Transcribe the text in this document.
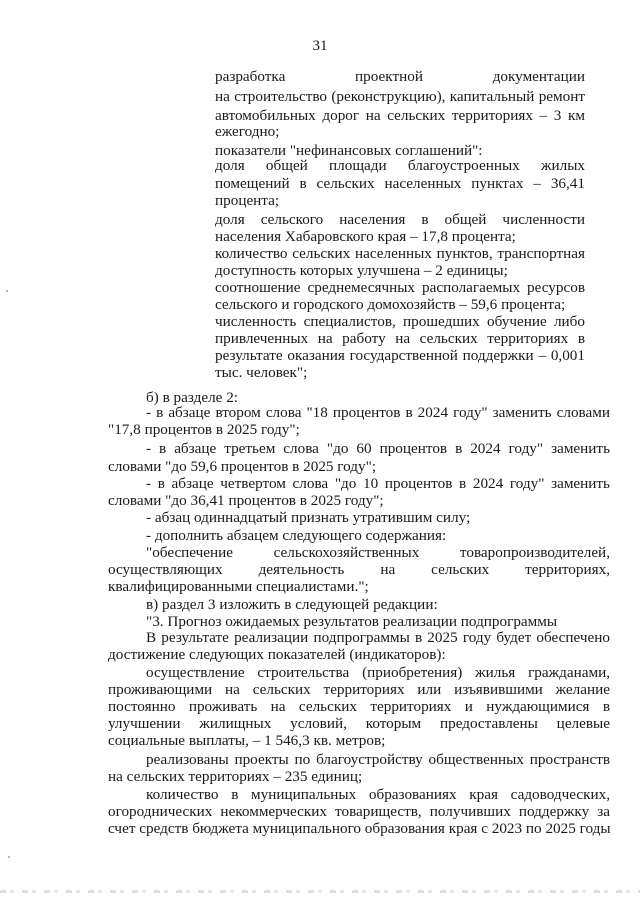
31
разработка проектной документации
на строительство (реконструкцию), капитальный ремонт
автомобильных дорог на сельских территориях – 3 км
ежегодно;
показатели "нефинансовых соглашений":
доля общей площади благоустроенных жилых
помещений в сельских населенных пунктах – 36,41
процента;
доля сельского населения в общей численности
населения Хабаровского края – 17,8 процента;
количество сельских населенных пунктов, транспортная
доступность которых улучшена – 2 единицы;
соотношение среднемесячных располагаемых ресурсов
сельского и городского домохозяйств – 59,6 процента;
численность специалистов, прошедших обучение либо
привлеченных на работу на сельских территориях в
результате оказания государственной поддержки – 0,001
тыс. человек";
б) в разделе 2:
- в абзаце втором слова "18 процентов в 2024 году" заменить словами
"17,8 процентов в 2025 году";
- в абзаце третьем слова "до 60 процентов в 2024 году" заменить
словами "до 59,6 процентов в 2025 году";
- в абзаце четвертом слова "до 10 процентов в 2024 году" заменить
словами "до 36,41 процентов в 2025 году";
- абзац одиннадцатый признать утратившим силу;
- дополнить абзацем следующего содержания:
"обеспечение сельскохозяйственных товаропроизводителей,
осуществляющих деятельность на сельских территориях,
квалифицированными специалистами.";
в) раздел 3 изложить в следующей редакции:
"3. Прогноз ожидаемых результатов реализации подпрограммы
В результате реализации подпрограммы в 2025 году будет обеспечено
достижение следующих показателей (индикаторов):
осуществление строительства (приобретения) жилья гражданами,
проживающими на сельских территориях или изъявившими желание
постоянно проживать на сельских территориях и нуждающимися в
улучшении жилищных условий, которым предоставлены целевые
социальные выплаты, – 1 546,3 кв. метров;
реализованы проекты по благоустройству общественных пространств
на сельских территориях – 235 единиц;
количество в муниципальных образованиях края садоводческих,
огороднических некоммерческих товариществ, получивших поддержку за
счет средств бюджета муниципального образования края с 2023 по 2025 годы
